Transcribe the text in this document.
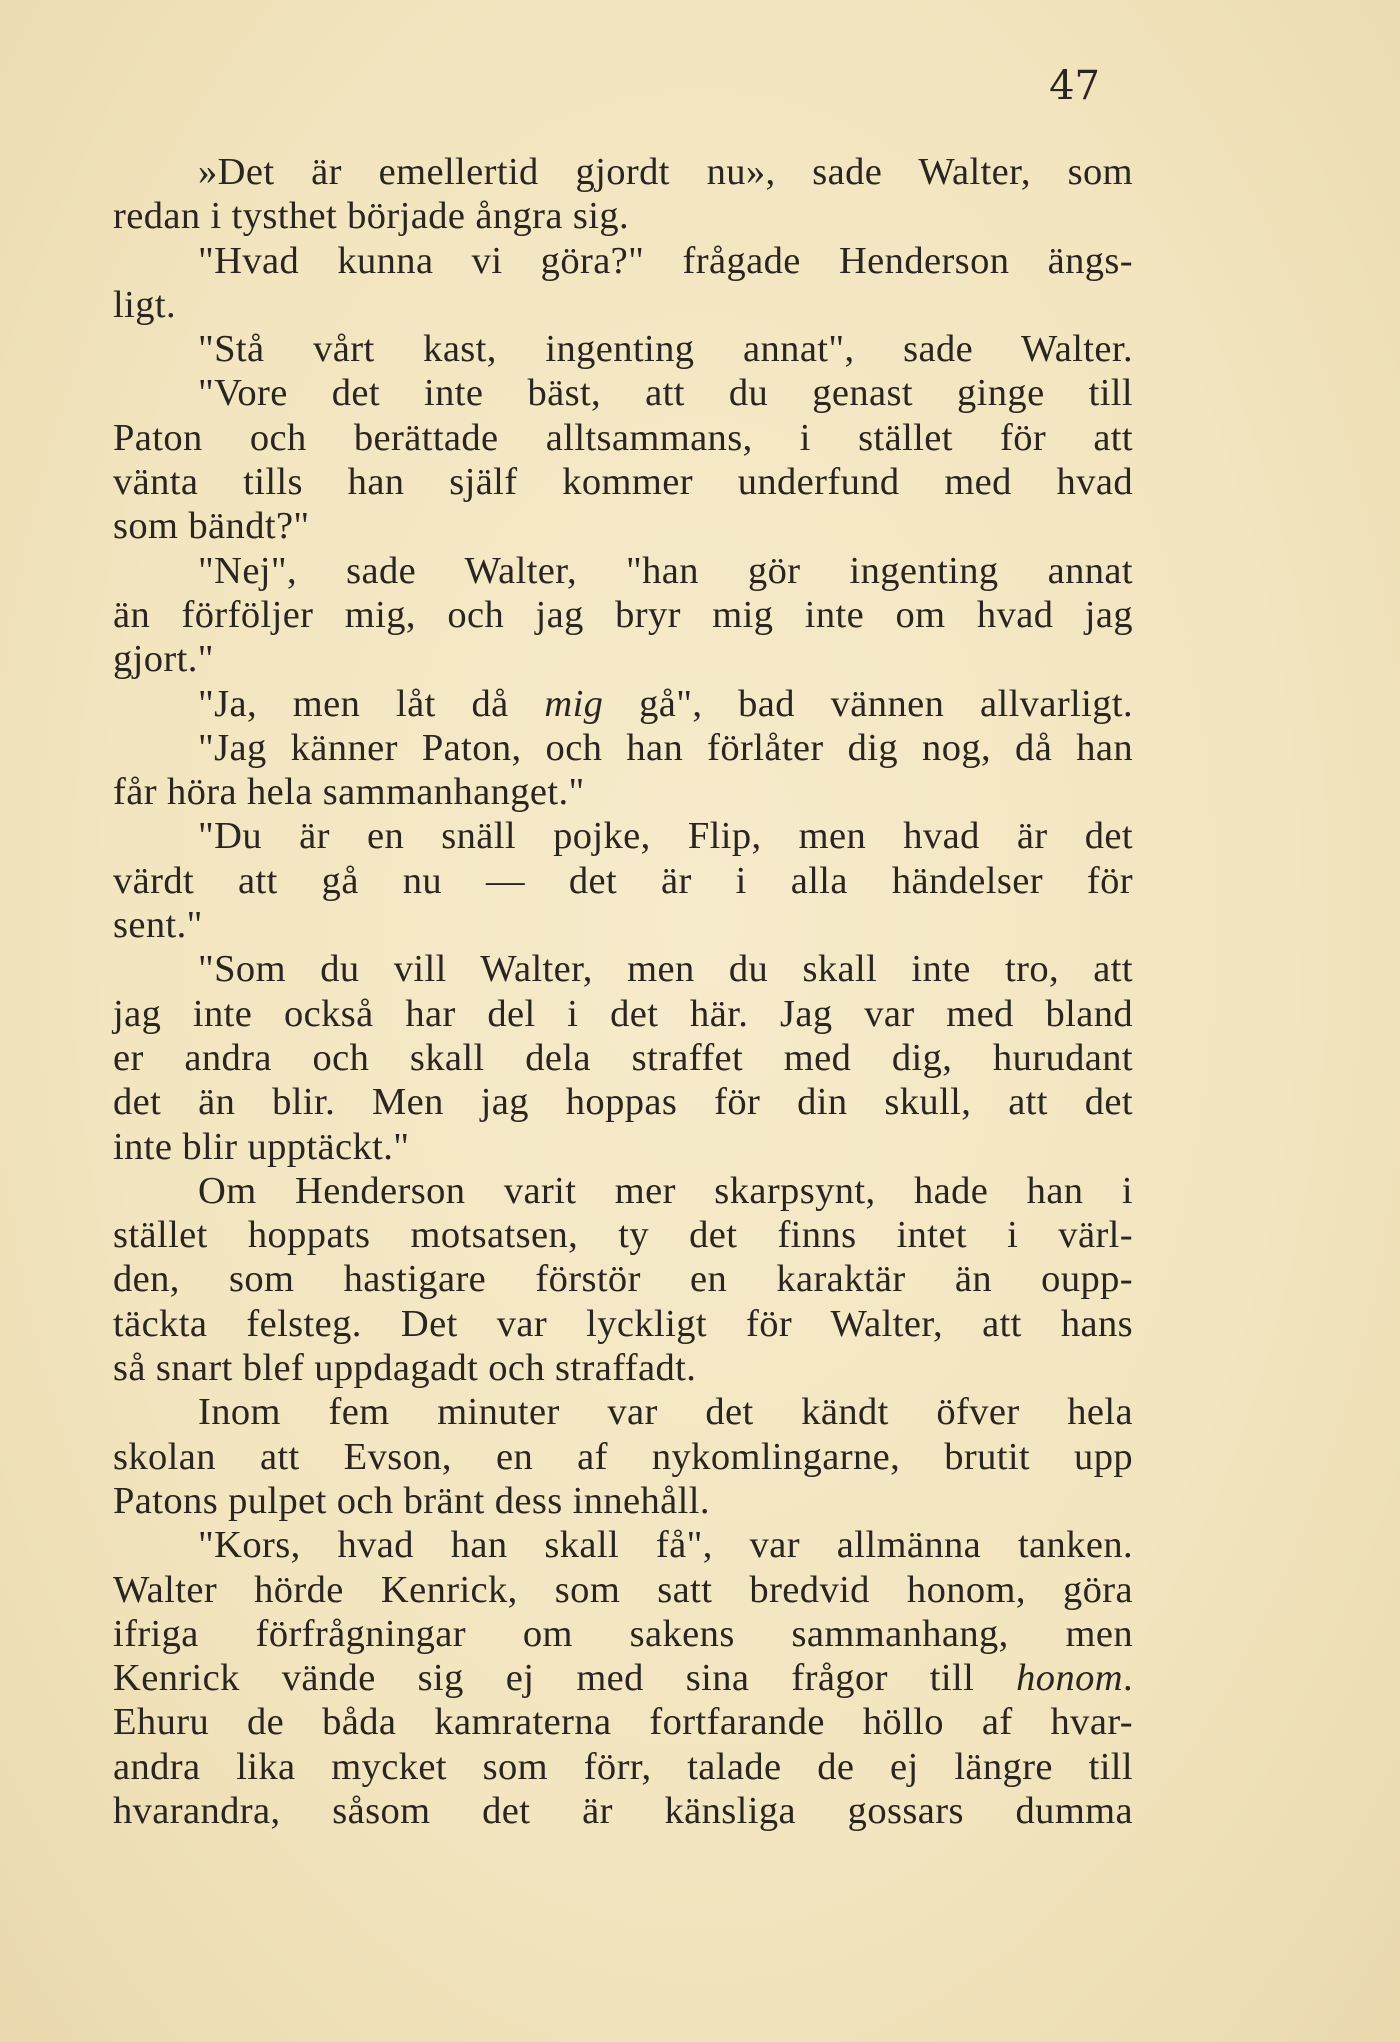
47
»Det är emellertid gjordt nu», sade Walter, som
redan i tysthet började ångra sig.
"Hvad kunna vi göra?" frågade Henderson ängs-
ligt.
"Stå vårt kast, ingenting annat", sade Walter.
"Vore det inte bäst, att du genast ginge till
Paton och berättade alltsammans, i stället för att
vänta tills han själf kommer underfund med hvad
som bändt?"
"Nej", sade Walter, "han gör ingenting annat
än förföljer mig, och jag bryr mig inte om hvad jag
gjort."
"Ja, men låt då mig gå", bad vännen allvarligt.
"Jag känner Paton, och han förlåter dig nog, då han
får höra hela sammanhanget."
"Du är en snäll pojke, Flip, men hvad är det
värdt att gå nu — det är i alla händelser för
sent."
"Som du vill Walter, men du skall inte tro, att
jag inte också har del i det här. Jag var med bland
er andra och skall dela straffet med dig, hurudant
det än blir. Men jag hoppas för din skull, att det
inte blir upptäckt."
Om Henderson varit mer skarpsynt, hade han i
stället hoppats motsatsen, ty det finns intet i värl-
den, som hastigare förstör en karaktär än oupp-
täckta felsteg. Det var lyckligt för Walter, att hans
så snart blef uppdagadt och straffadt.
Inom fem minuter var det kändt öfver hela
skolan att Evson, en af nykomlingarne, brutit upp
Patons pulpet och bränt dess innehåll.
"Kors, hvad han skall få", var allmänna tanken.
Walter hörde Kenrick, som satt bredvid honom, göra
ifriga förfrågningar om sakens sammanhang, men
Kenrick vände sig ej med sina frågor till honom.
Ehuru de båda kamraterna fortfarande höllo af hvar-
andra lika mycket som förr, talade de ej längre till
hvarandra, såsom det är känsliga gossars dumma
